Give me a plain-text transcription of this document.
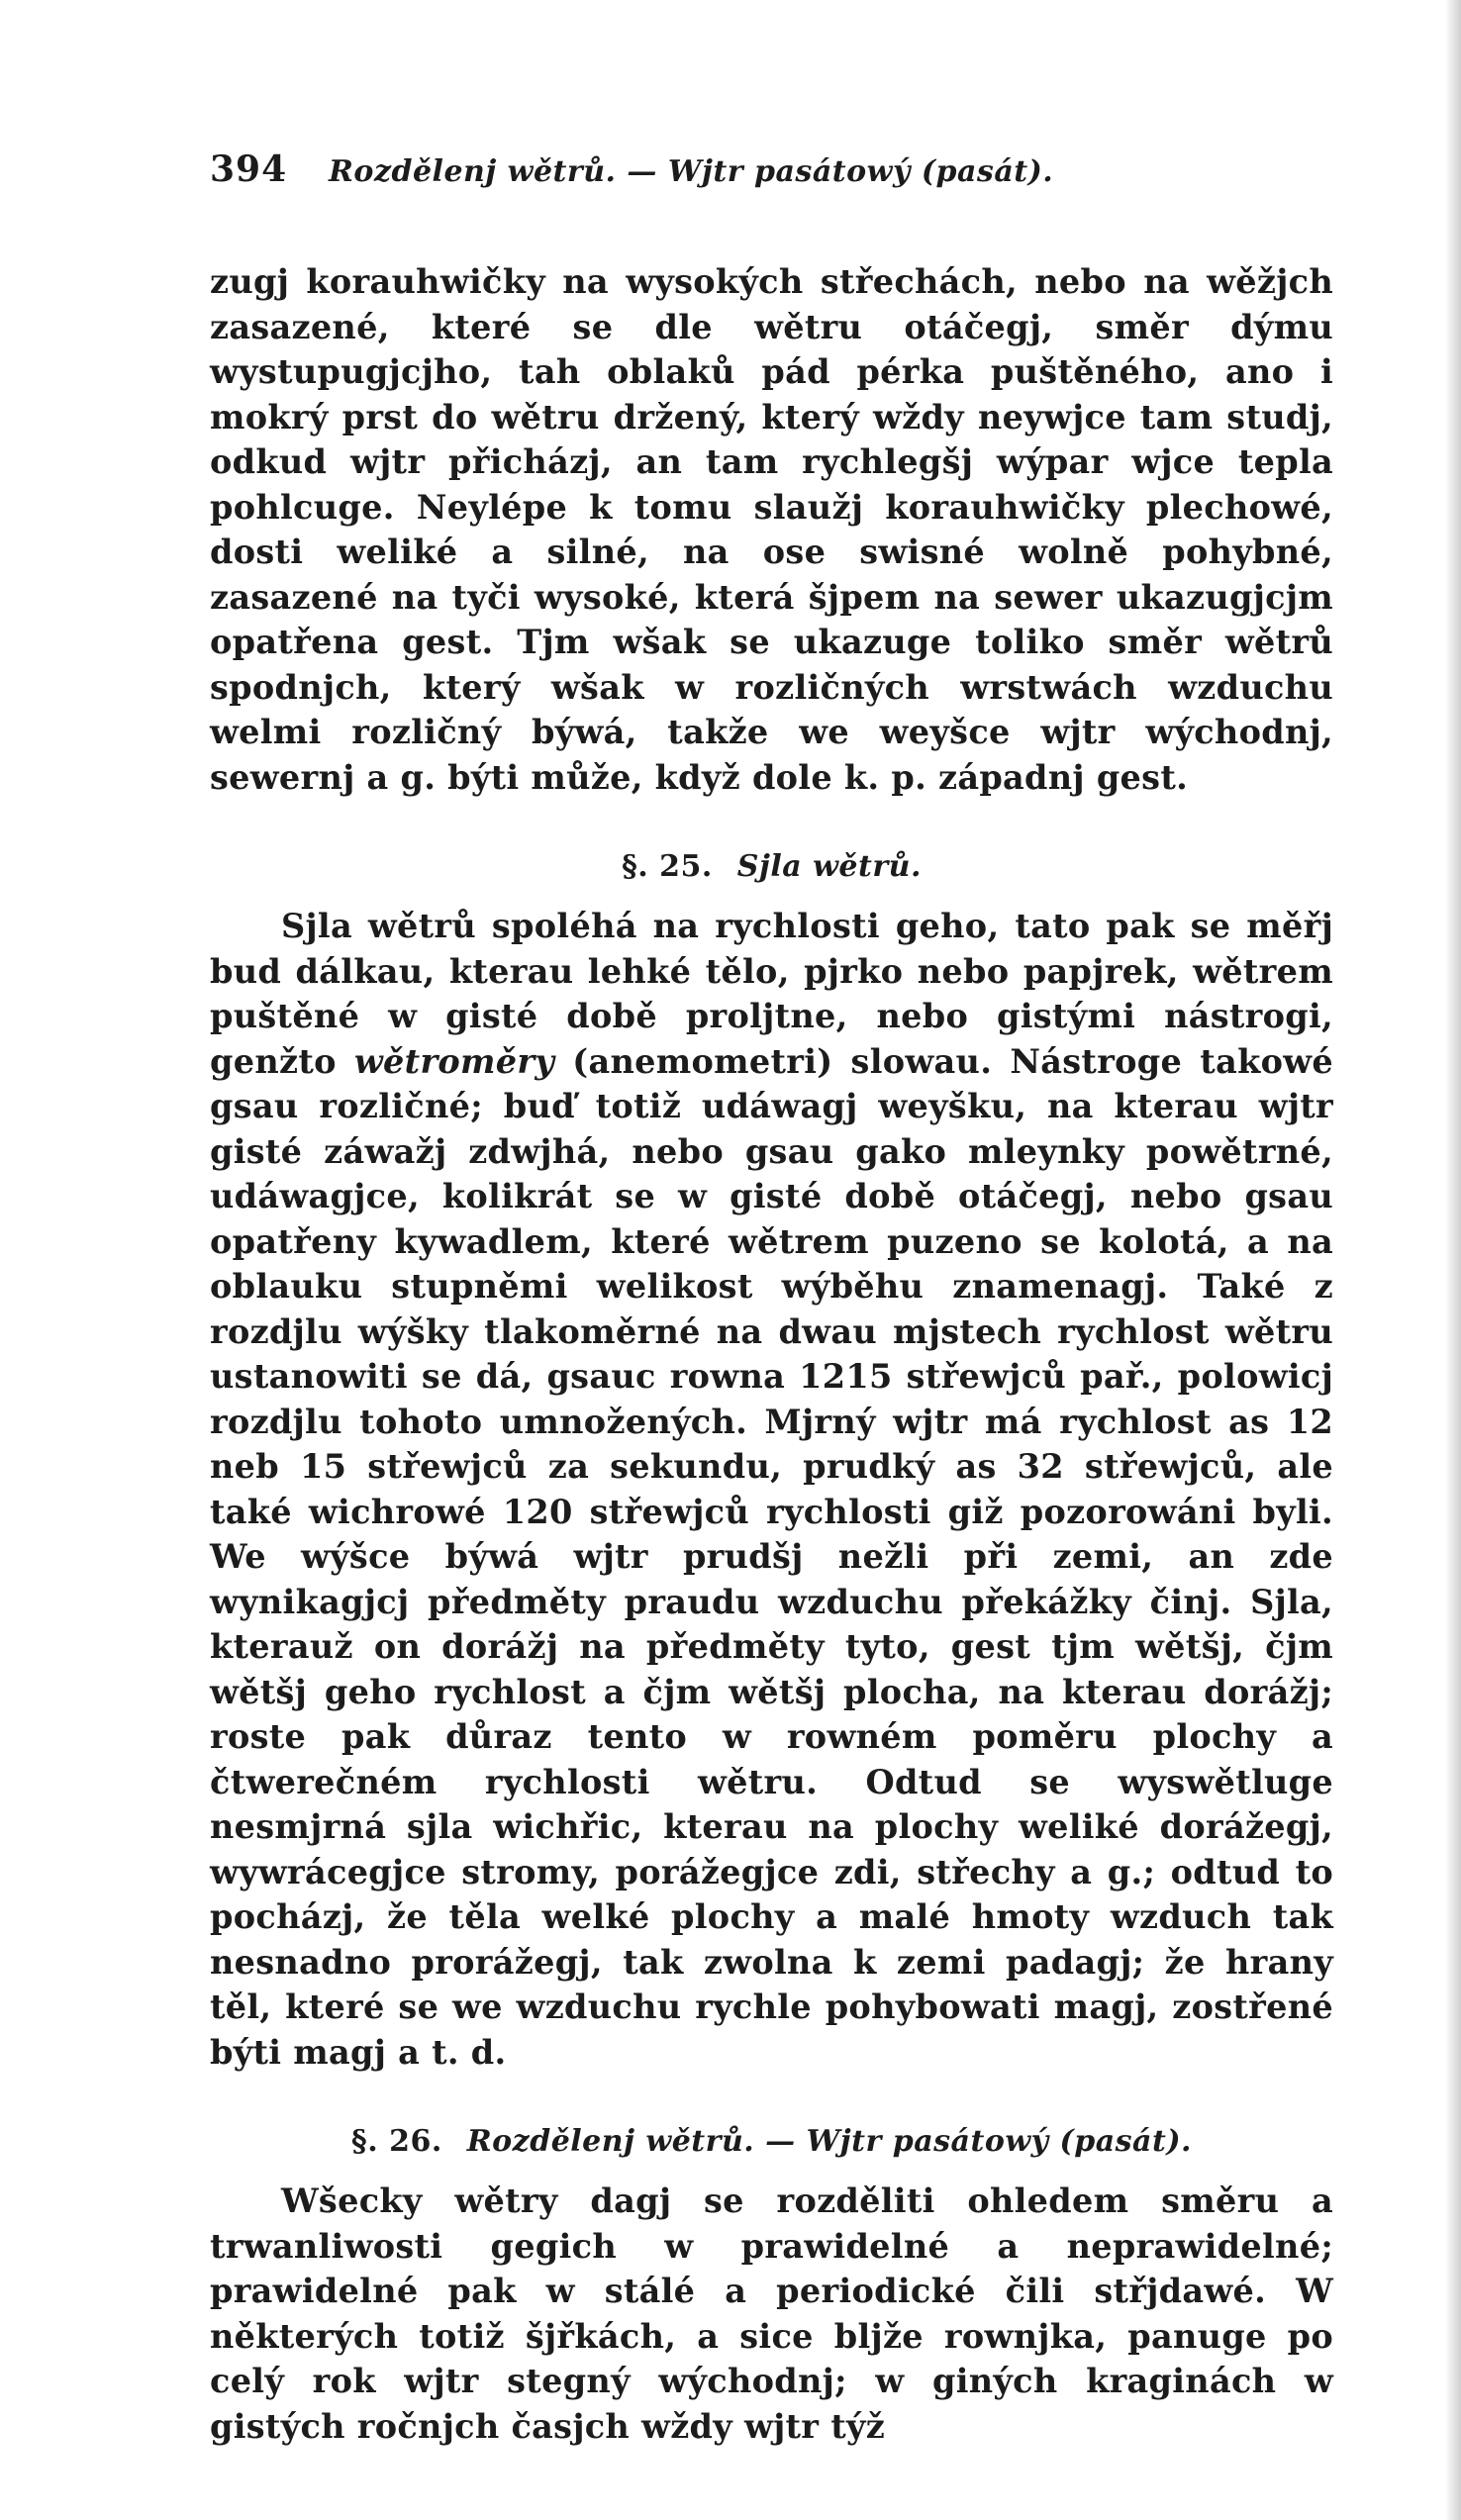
394	Rozdělenj wětrů. — Wjtr pasátowý (pasát).

zugj korauhwičky na wysokých střechách, nebo na wěžjch zasazené, které se dle wětru otáčegj, směr dýmu wystupugjcjho, tah oblaků pád pérka puštěného, ano i mokrý prst do wětru držený, který wždy neywjce tam studj, odkud wjtr přicházj, an tam rychlegšj wýpar wjce tepla pohlcuge. Neylépe k tomu slaužj korauhwičky plechowé, dosti weliké a silné, na ose swisné wolně pohybné, zasazené na tyči wysoké, která šjpem na sewer ukazugjcjm opatřena gest. Tjm wšak se ukazuge toliko směr wětrů spodnjch, který wšak w rozličných wrstwách wzduchu welmi rozličný býwá, takže we weyšce wjtr wýchodnj, sewernj a g. býti může, když dole k. p. západnj gest.

§. 25. Sjla wětrů.

Sjla wětrů spoléhá na rychlosti geho, tato pak se měřj bud dálkau, kterau lehké tělo, pjrko nebo papjrek, wětrem puštěné w gisté době proljtne, nebo gistými nástrogi, genžto wětroměry (anemometri) slowau. Nástroge takowé gsau rozličné; buď totiž udáwagj weyšku, na kterau wjtr gisté záwažj zdwjhá, nebo gsau gako mleynky powětrné, udáwagjce, kolikrát se w gisté době otáčegj, nebo gsau opatřeny kywadlem, které wětrem puzeno se kolotá, a na oblauku stupněmi welikost wýběhu znamenagj. Také z rozdjlu wýšky tlakoměrné na dwau mjstech rychlost wětru ustanowiti se dá, gsauc rowna 1215 střewjců pař., polowicj rozdjlu tohoto umnožených. Mjrný wjtr má rychlost as 12 neb 15 střewjců za sekundu, prudký as 32 střewjců, ale také wichrowé 120 střewjců rychlosti giž pozorowáni byli. We wýšce býwá wjtr prudšj nežli při zemi, an zde wynikagjcj předměty praudu wzduchu překážky činj. Sjla, kterauž on dorážj na předměty tyto, gest tjm wětšj, čjm wětšj geho rychlost a čjm wětšj plocha, na kterau dorážj; roste pak důraz tento w rowném poměru plochy a čtwerečném rychlosti wětru. Odtud se wyswětluge nesmjrná sjla wichřic, kterau na plochy weliké dorážegj, wywrácegjce stromy, porážegjce zdi, střechy a g.; odtud to pocházj, že těla welké plochy a malé hmoty wzduch tak nesnadno prorážegj, tak zwolna k zemi padagj; že hrany těl, které se we wzduchu rychle pohybowati magj, zostřené býti magj a t. d.

§. 26. Rozdělenj wětrů. — Wjtr pasátowý (pasát).

Wšecky wětry dagj se rozděliti ohledem směru a trwanliwosti gegich w prawidelné a neprawidelné; prawidelné pak w stálé a periodické čili střjdawé. W některých totiž šjřkách, a sice bljže rownjka, panuge po celý rok wjtr stegný wýchodnj; w giných kraginách w gistých ročnjch časjch wždy wjtr týž
